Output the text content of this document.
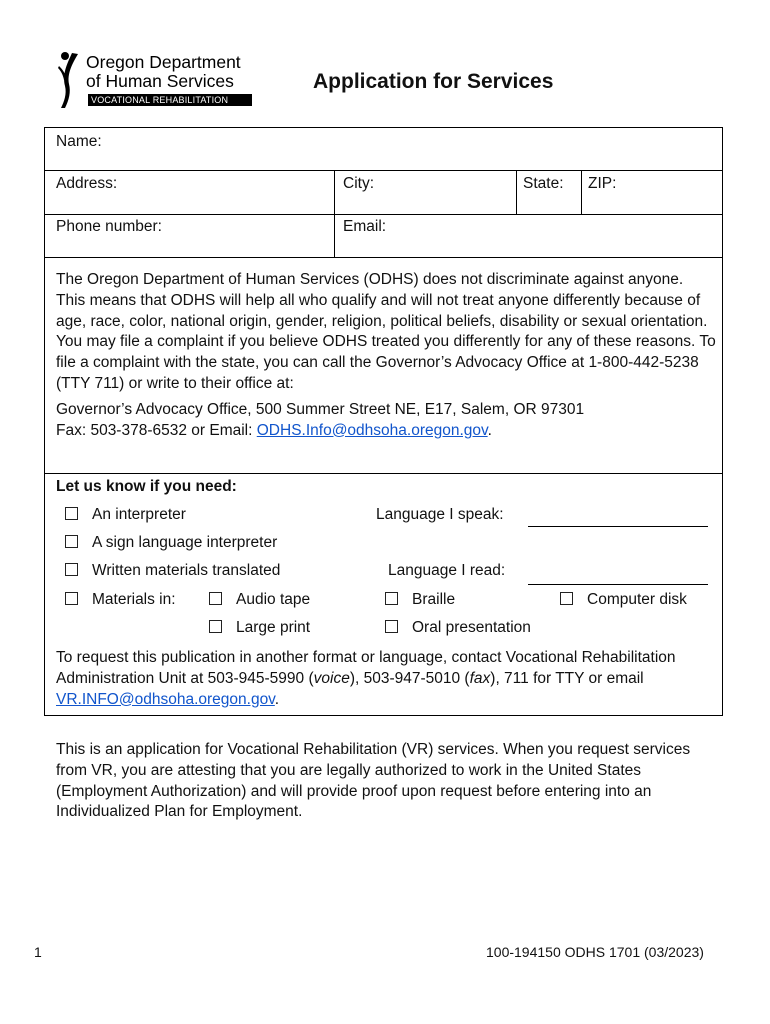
Oregon Department
of Human Services
VOCATIONAL REHABILITATION
Application for Services
Name:
Address:	City:	State: ZIP:
Phone number:	Email:

The Oregon Department of Human Services (ODHS) does not discriminate against anyone. This means that ODHS will help all who qualify and will not treat anyone differently because of age, race, color, national origin, gender, religion, political beliefs, disability or sexual orientation. You may file a complaint if you believe ODHS treated you differently for any of these reasons. To file a complaint with the state, you can call the Governor’s Advocacy Office at 1-800-442-5238 (TTY 711) or write to their office at:

Governor’s Advocacy Office, 500 Summer Street NE, E17, Salem, OR 97301

Fax: 503-378-6532 or Email: ODHS.Info@odhsoha.oregon.gov.

Let us know if you need:
An interpreter
A sign language interpreter
Written materials translated
Materials in:	Audio tape
Large print
Braille
Oral presentation
Computer disk
Language I speak:
Language I read:

To request this publication in another format or language, contact Vocational Rehabilitation Administration Unit at 503-945-5990 (voice), 503-947-5010 (fax), 711 for TTY or email VR.INFO@odhsoha.oregon.gov.

This is an application for Vocational Rehabilitation (VR) services. When you request services from VR, you are attesting that you are legally authorized to work in the United States (Employment Authorization) and will provide proof upon request before entering into an Individualized Plan for Employment.

1	100-194150 ODHS 1701 (03/2023)
